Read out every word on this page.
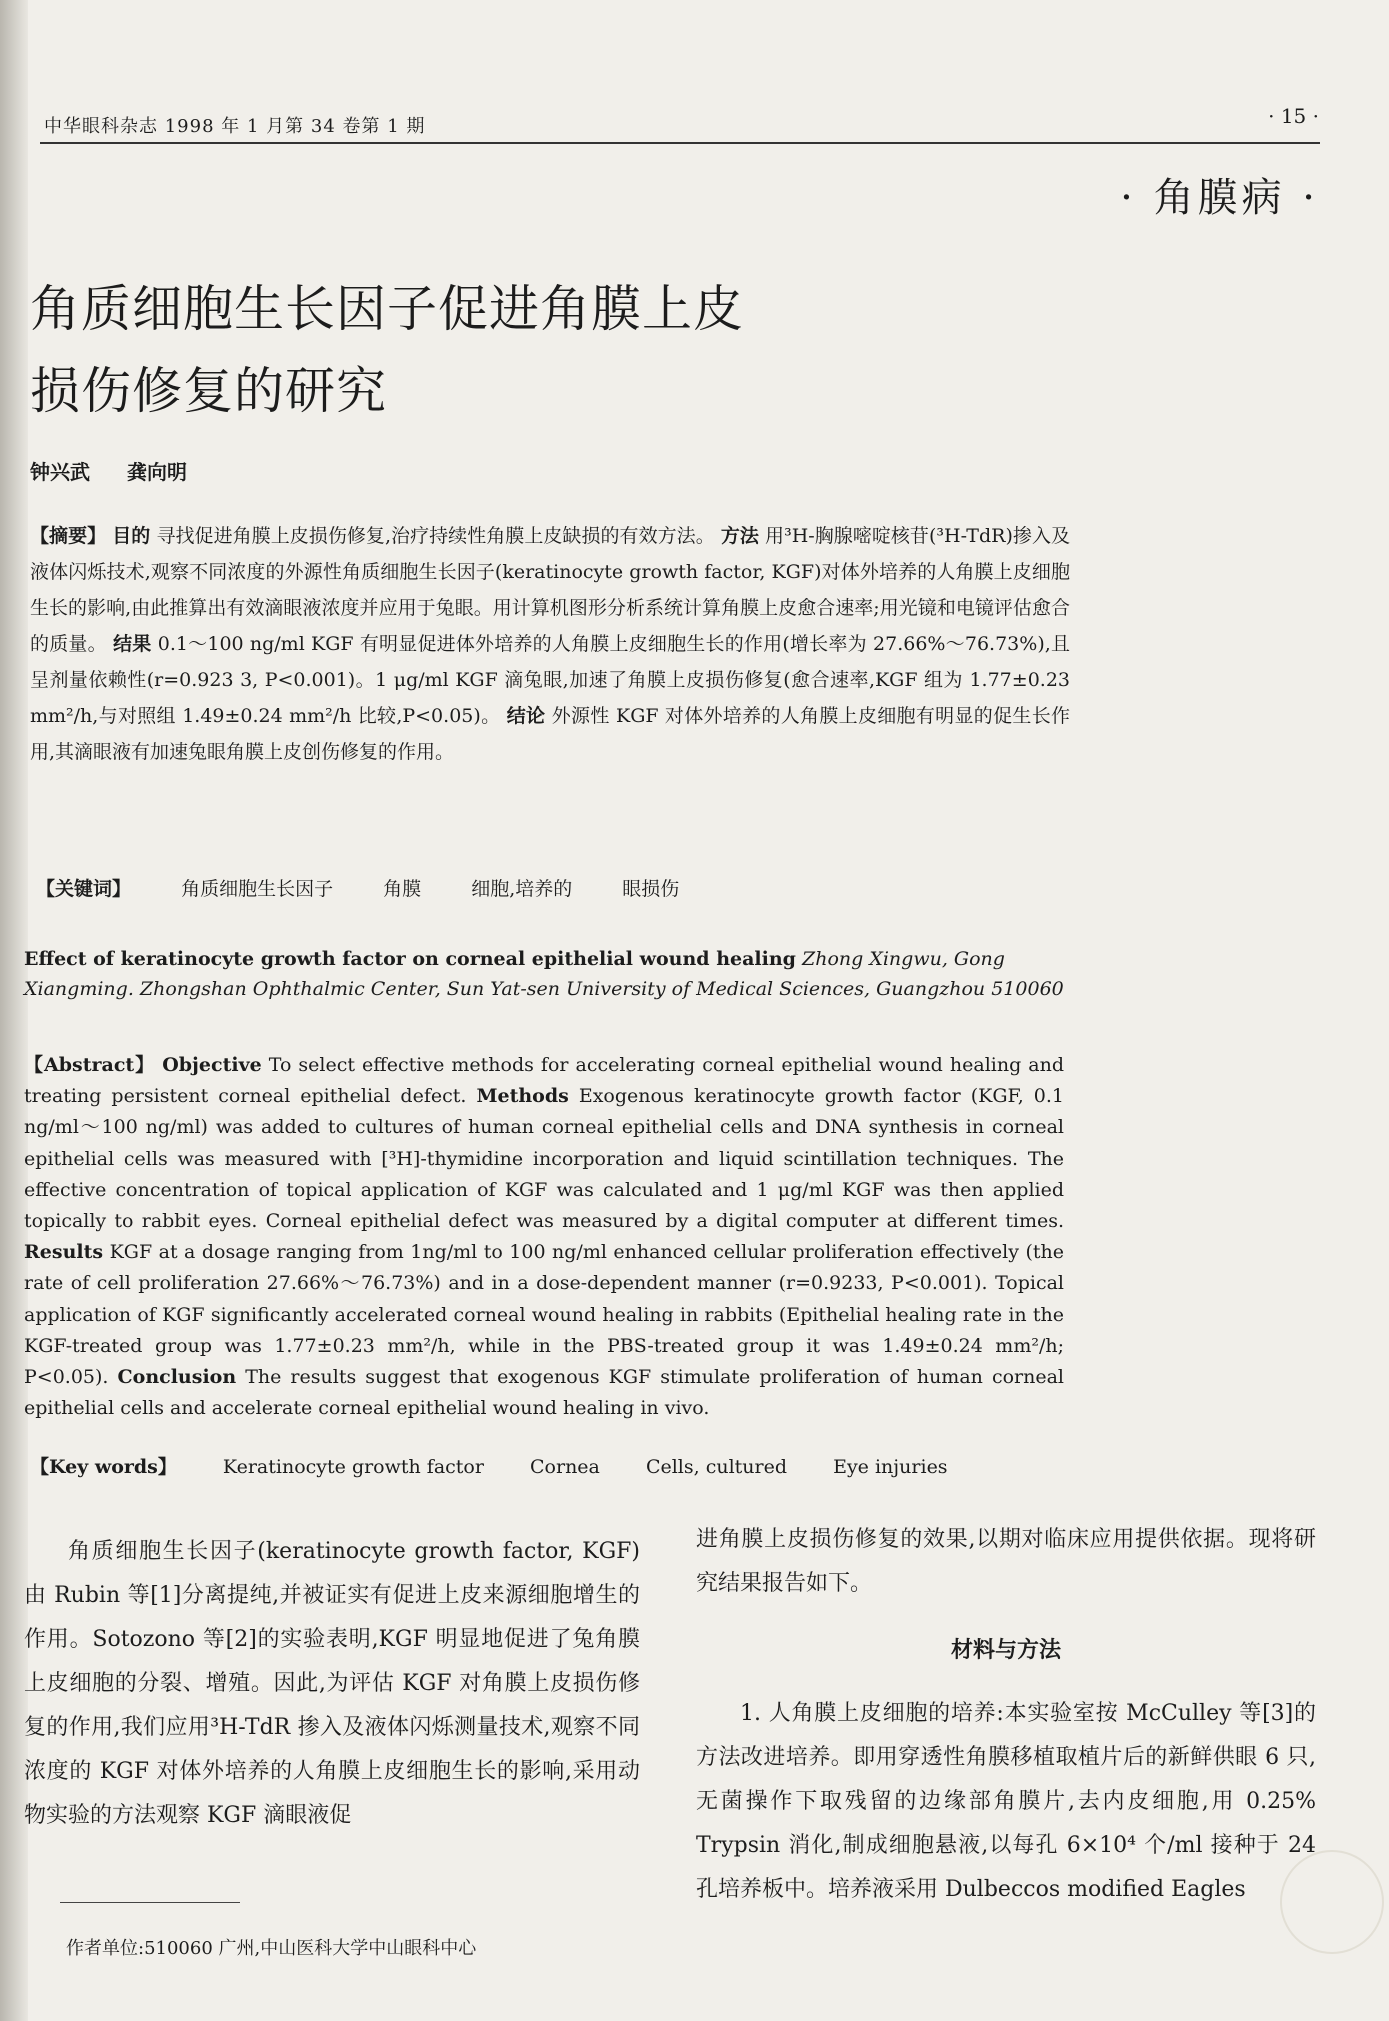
中华眼科杂志 1998 年 1 月第 34 卷第 1 期	· 15 ·
· 角膜病 ·
角质细胞生长因子促进角膜上皮
损伤修复的研究
钟兴武 龚向明
【摘要】 目的 寻找促进角膜上皮损伤修复,治疗持续性角膜上皮缺损的有效方法。 方法 用³H-胸腺嘧啶核苷(³H-TdR)掺入及液体闪烁技术,观察不同浓度的外源性角质细胞生长因子(keratinocyte growth factor, KGF)对体外培养的人角膜上皮细胞生长的影响,由此推算出有效滴眼液浓度并应用于兔眼。用计算机图形分析系统计算角膜上皮愈合速率;用光镜和电镜评估愈合的质量。 结果 0.1～100 ng/ml KGF 有明显促进体外培养的人角膜上皮细胞生长的作用(增长率为 27.66%～76.73%),且呈剂量依赖性(r=0.923 3, P<0.001)。1 μg/ml KGF 滴兔眼,加速了角膜上皮损伤修复(愈合速率,KGF 组为 1.77±0.23 mm²/h,与对照组 1.49±0.24 mm²/h 比较,P<0.05)。 结论 外源性 KGF 对体外培养的人角膜上皮细胞有明显的促生长作用,其滴眼液有加速兔眼角膜上皮创伤修复的作用。
【关键词】	角质细胞生长因子	角膜	细胞,培养的	眼损伤
Effect of keratinocyte growth factor on corneal epithelial wound healing Zhong Xingwu, Gong Xiangming. Zhongshan Ophthalmic Center, Sun Yat-sen University of Medical Sciences, Guangzhou 510060
【Abstract】 Objective To select effective methods for accelerating corneal epithelial wound healing and treating persistent corneal epithelial defect. Methods Exogenous keratinocyte growth factor (KGF, 0.1 ng/ml～100 ng/ml) was added to cultures of human corneal epithelial cells and DNA synthesis in corneal epithelial cells was measured with [³H]-thymidine incorporation and liquid scintillation techniques. The effective concentration of topical application of KGF was calculated and 1 μg/ml KGF was then applied topically to rabbit eyes. Corneal epithelial defect was measured by a digital computer at different times. Results KGF at a dosage ranging from 1ng/ml to 100 ng/ml enhanced cellular proliferation effectively (the rate of cell proliferation 27.66%～76.73%) and in a dose-dependent manner (r=0.9233, P<0.001). Topical application of KGF significantly accelerated corneal wound healing in rabbits (Epithelial healing rate in the KGF-treated group was 1.77±0.23 mm²/h, while in the PBS-treated group it was 1.49±0.24 mm²/h; P<0.05). Conclusion The results suggest that exogenous KGF stimulate proliferation of human corneal epithelial cells and accelerate corneal epithelial wound healing in vivo.
【Key words】 Keratinocyte growth factor Cornea Cells, cultured Eye injuries

角质细胞生长因子(keratinocyte growth factor, KGF)由 Rubin 等[1]分离提纯,并被证实有促进上皮来源细胞增生的作用。Sotozono 等[2]的实验表明,KGF 明显地促进了兔角膜上皮细胞的分裂、增殖。因此,为评估 KGF 对角膜上皮损伤修复的作用,我们应用³H-TdR 掺入及液体闪烁测量技术,观察不同浓度的 KGF 对体外培养的人角膜上皮细胞生长的影响,采用动物实验的方法观察 KGF 滴眼液促

进角膜上皮损伤修复的效果,以期对临床应用提供依据。现将研究结果报告如下。

材料与方法

1. 人角膜上皮细胞的培养:本实验室按 McCulley 等[3]的方法改进培养。即用穿透性角膜移植取植片后的新鲜供眼 6 只,无菌操作下取残留的边缘部角膜片,去内皮细胞,用 0.25% Trypsin 消化,制成细胞悬液,以每孔 6×10⁴ 个/ml 接种于 24 孔培养板中。培养液采用 Dulbeccos modified Eagles

作者单位:510060 广州,中山医科大学中山眼科中心
